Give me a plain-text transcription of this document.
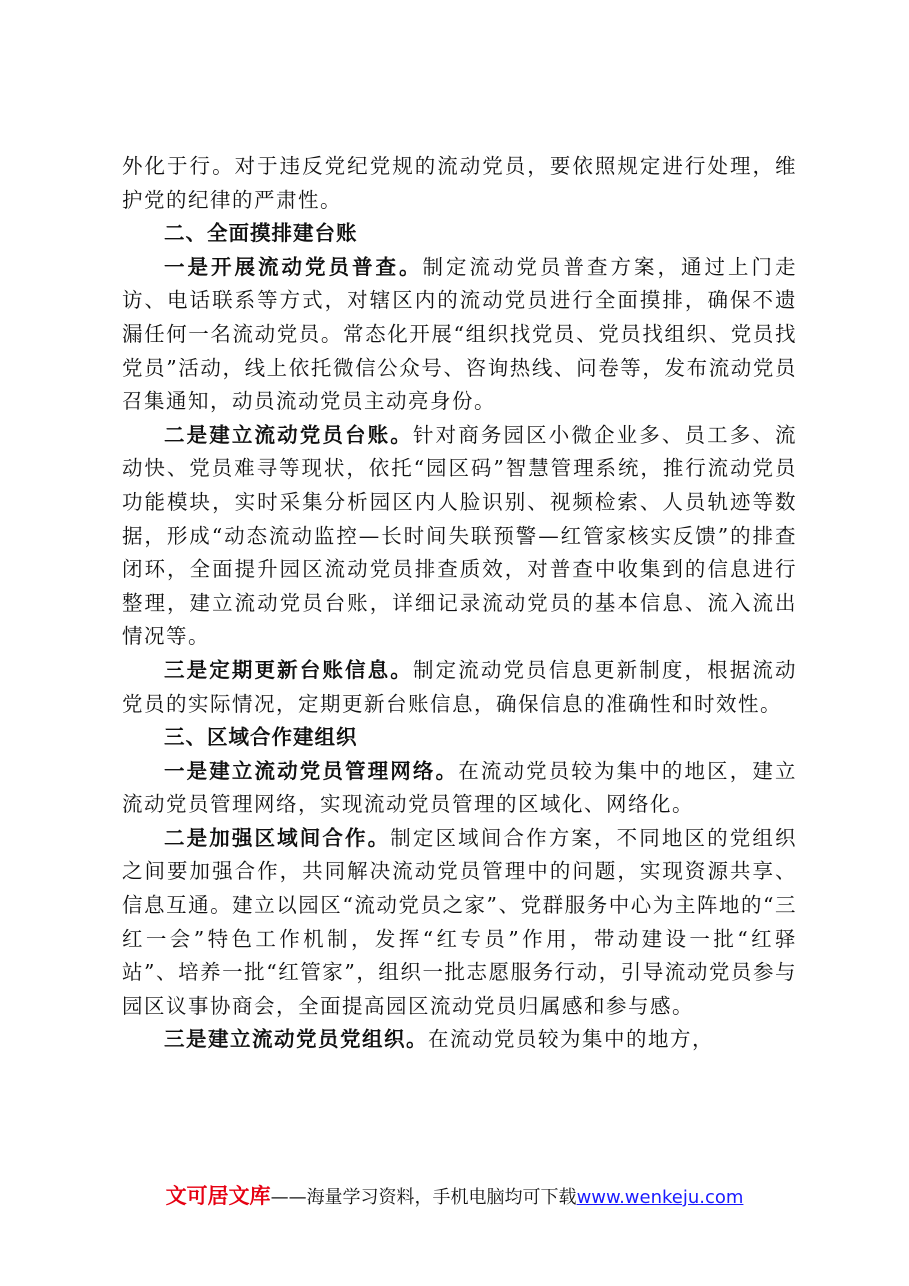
外化于行。对于违反党纪党规的流动党员，要依照规定进行处理，维护党的纪律的严肃性。

二、全面摸排建台账

一是开展流动党员普查。制定流动党员普查方案，通过上门走访、电话联系等方式，对辖区内的流动党员进行全面摸排，确保不遗漏任何一名流动党员。常态化开展“组织找党员、党员找组织、党员找党员”活动，线上依托微信公众号、咨询热线、问卷等，发布流动党员召集通知，动员流动党员主动亮身份。

二是建立流动党员台账。针对商务园区小微企业多、员工多、流动快、党员难寻等现状，依托“园区码”智慧管理系统，推行流动党员功能模块，实时采集分析园区内人脸识别、视频检索、人员轨迹等数据，形成“动态流动监控—长时间失联预警—红管家核实反馈”的排查闭环，全面提升园区流动党员排查质效，对普查中收集到的信息进行整理，建立流动党员台账，详细记录流动党员的基本信息、流入流出情况等。

三是定期更新台账信息。制定流动党员信息更新制度，根据流动党员的实际情况，定期更新台账信息，确保信息的准确性和时效性。

三、区域合作建组织

一是建立流动党员管理网络。在流动党员较为集中的地区，建立流动党员管理网络，实现流动党员管理的区域化、网络化。

二是加强区域间合作。制定区域间合作方案，不同地区的党组织之间要加强合作，共同解决流动党员管理中的问题，实现资源共享、信息互通。建立以园区“流动党员之家”、党群服务中心为主阵地的“三红一会”特色工作机制，发挥“红专员”作用，带动建设一批“红驿站”、培养一批“红管家”，组织一批志愿服务行动，引导流动党员参与园区议事协商会，全面提高园区流动党员归属感和参与感。

三是建立流动党员党组织。在流动党员较为集中的地方，

文可居文库——海量学习资料，手机电脑均可下载www.wenkeju.com
